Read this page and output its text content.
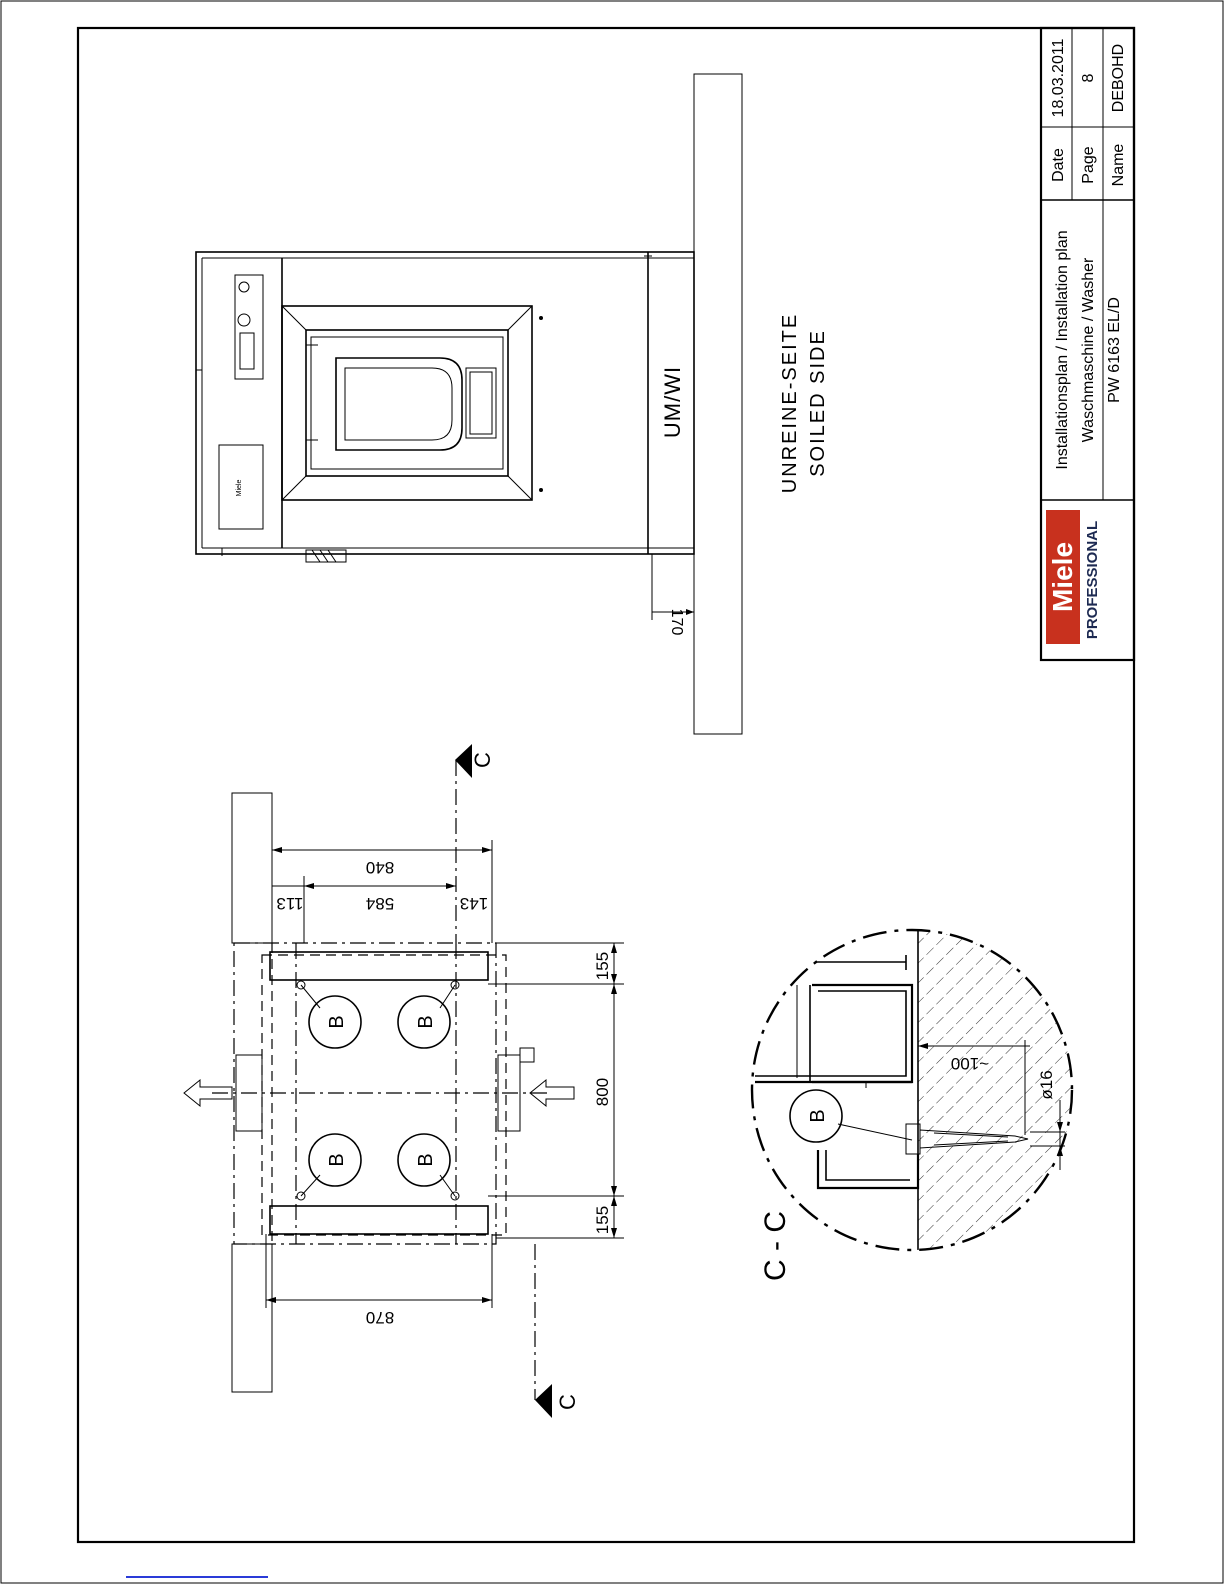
Installationsplan / Installation plan Waschmaschine / Washer PW 6163 EL/D
Date
18.03.2011
Page
8
Name
DEBOHD
Miele PROFESSIONAL
Miele
170
UM/WI	UNREINE-SEITE SOILED SIDE
B	B
B	B
840
584
113	143
155
800
155
870
C
C
B
~100
ø16
C - C
